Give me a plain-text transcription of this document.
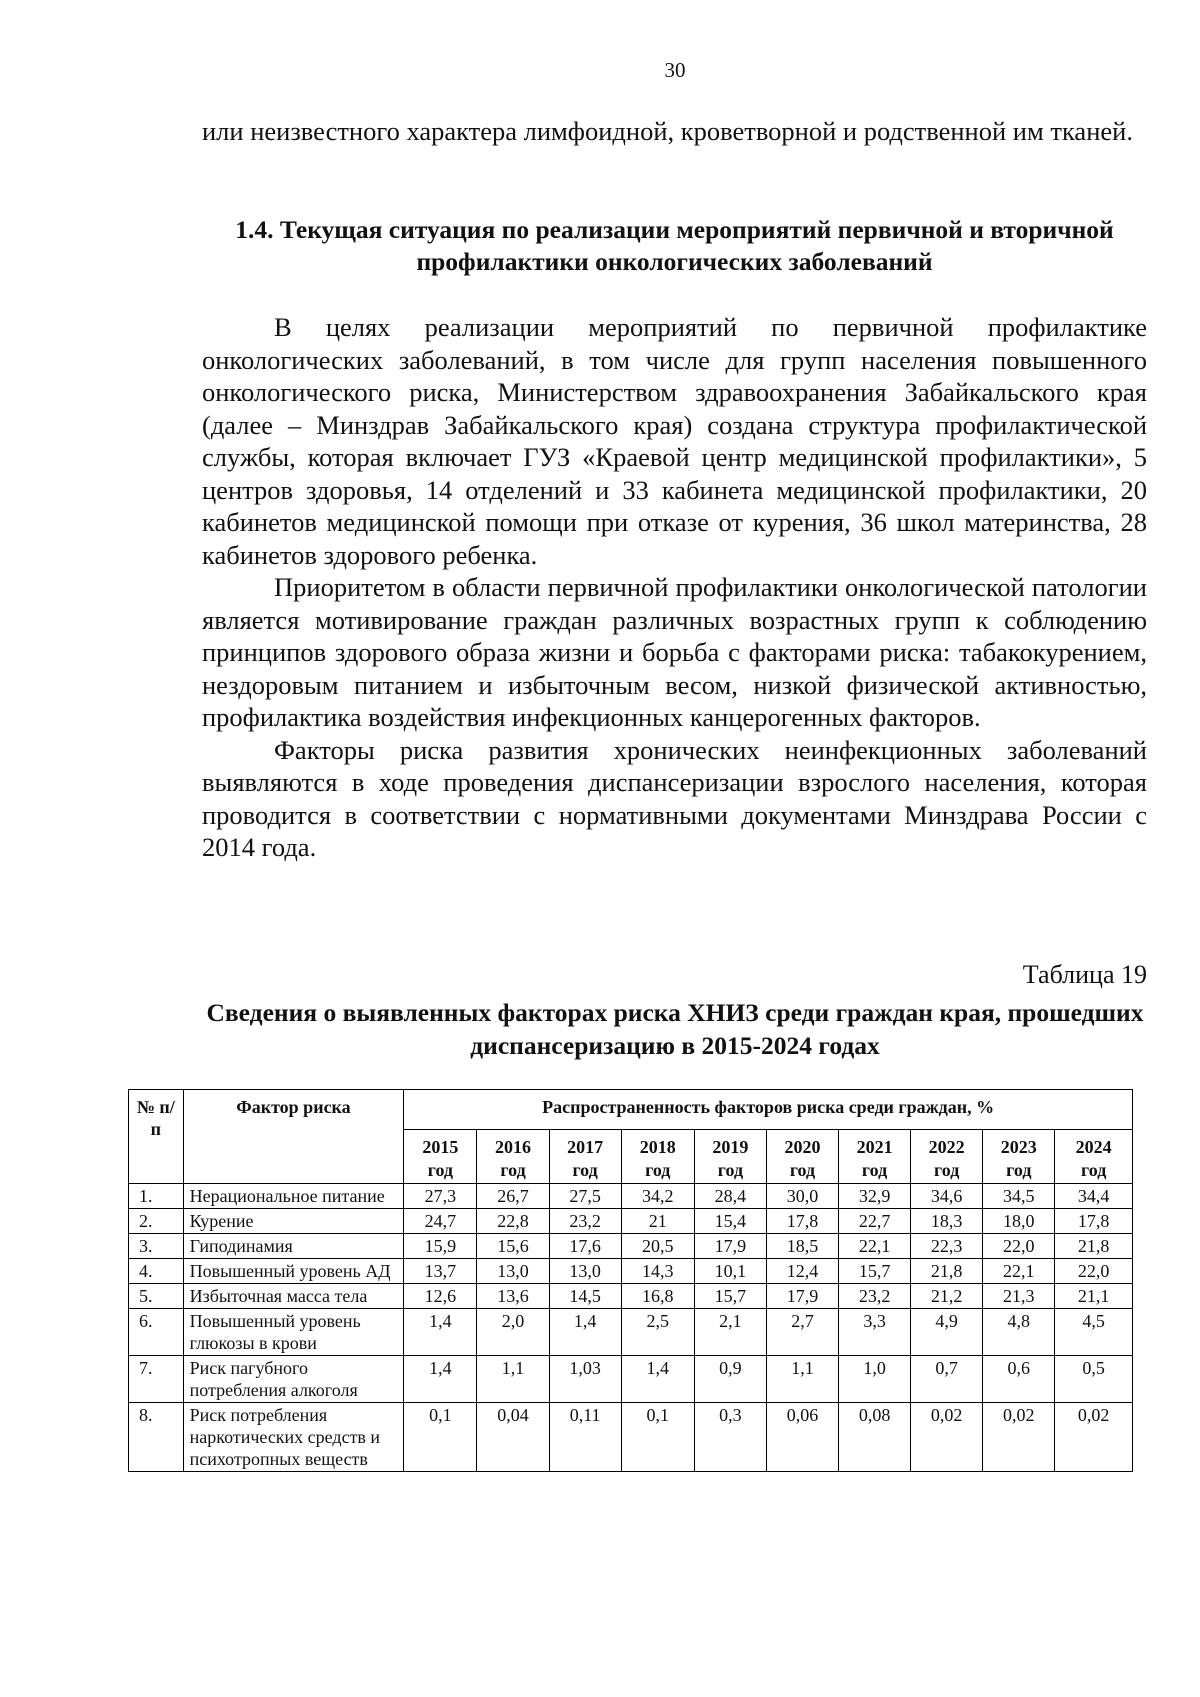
30

или неизвестного характера лимфоидной, кроветворной и родственной им тканей.

1.4. Текущая ситуация по реализации мероприятий первичной и вторичной профилактики онкологических заболеваний

В целях реализации мероприятий по первичной профилактике онкологических заболеваний, в том числе для групп населения повышенного онкологического риска, Министерством здравоохранения Забайкальского края (далее – Минздрав Забайкальского края) создана структура профилактической службы, которая включает ГУЗ «Краевой центр медицинской профилактики», 5 центров здоровья, 14 отделений и 33 кабинета медицинской профилактики, 20 кабинетов медицинской помощи при отказе от курения, 36 школ материнства, 28 кабинетов здорового ребенка.

Приоритетом в области первичной профилактики онкологической патологии является мотивирование граждан различных возрастных групп к соблюдению принципов здорового образа жизни и борьба с факторами риска: табакокурением, нездоровым питанием и избыточным весом, низкой физической активностью, профилактика воздействия инфекционных канцерогенных факторов.

Факторы риска развития хронических неинфекционных заболеваний выявляются в ходе проведения диспансеризации взрослого населения, которая проводится в соответствии с нормативными документами Минздрава России с 2014 года.

Таблица 19
Сведения о выявленных факторах риска ХНИЗ среди граждан края, прошедших диспансеризацию в 2015-2024 годах
№ п/п	Фактор риска	Распространенность факторов риска среди граждан, %									
		2015 год	2016 год	2017 год	2018 год	2019 год	2020 год	2021 год	2022 год	2023 год	2024 год
1.	Нерациональное питание	27,3	26,7	27,5	34,2	28,4	30,0	32,9	34,6	34,5	34,4
2.	Курение	24,7	22,8	23,2	21	15,4	17,8	22,7	18,3	18,0	17,8
3.	Гиподинамия	15,9	15,6	17,6	20,5	17,9	18,5	22,1	22,3	22,0	21,8
4.	Повышенный уровень АД	13,7	13,0	13,0	14,3	10,1	12,4	15,7	21,8	22,1	22,0
5.	Избыточная масса тела	12,6	13,6	14,5	16,8	15,7	17,9	23,2	21,2	21,3	21,1
6.	Повышенный уровень глюкозы в крови	1,4	2,0	1,4	2,5	2,1	2,7	3,3	4,9	4,8	4,5
7.	Риск пагубного потребления алкоголя	1,4	1,1	1,03	1,4	0,9	1,1	1,0	0,7	0,6	0,5
8.	Риск потребления наркотических средств и психотропных веществ	0,1	0,04	0,11	0,1	0,3	0,06	0,08	0,02	0,02	0,02
